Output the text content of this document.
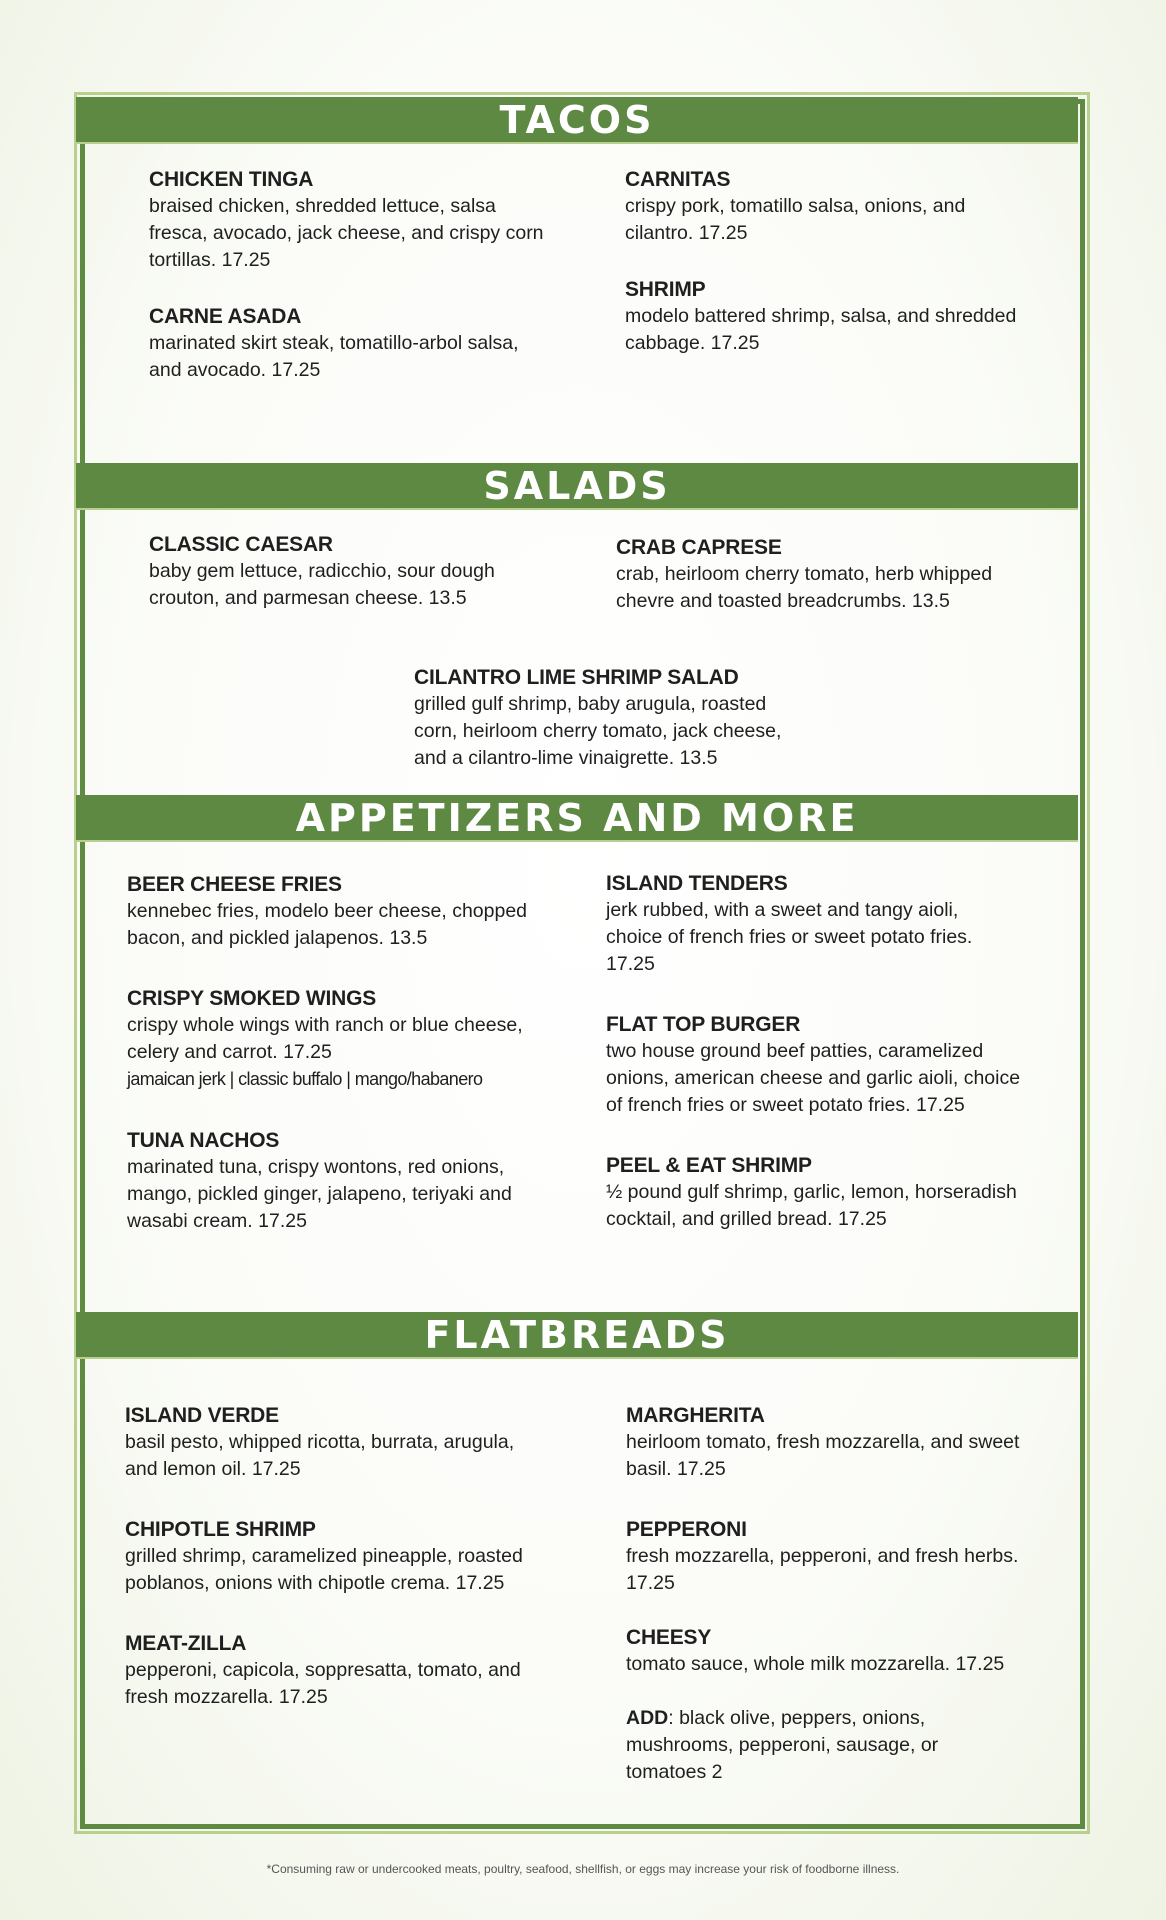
TACOS
CHICKEN TINGA
braised chicken, shredded lettuce, salsa fresca, avocado, jack cheese, and crispy corn tortillas. 17.25
CARNITAS
crispy pork, tomatillo salsa, onions, and cilantro. 17.25
CARNE ASADA
marinated skirt steak, tomatillo-arbol salsa, and avocado. 17.25
SHRIMP
modelo battered shrimp, salsa, and shredded cabbage. 17.25
SALADS
CLASSIC CAESAR
baby gem lettuce, radicchio, sour dough crouton, and parmesan cheese. 13.5
CRAB CAPRESE
crab, heirloom cherry tomato, herb whipped chevre and toasted breadcrumbs. 13.5
CILANTRO LIME SHRIMP SALAD
grilled gulf shrimp, baby arugula, roasted corn, heirloom cherry tomato, jack cheese, and a cilantro-lime vinaigrette. 13.5
APPETIZERS AND MORE
BEER CHEESE FRIES
kennebec fries, modelo beer cheese, chopped bacon, and pickled jalapenos. 13.5
ISLAND TENDERS
jerk rubbed, with a sweet and tangy aioli, choice of french fries or sweet potato fries. 17.25
CRISPY SMOKED WINGS
crispy whole wings with ranch or blue cheese, celery and carrot. 17.25
jamaican jerk | classic buffalo | mango/habanero
FLAT TOP BURGER
two house ground beef patties, caramelized onions, american cheese and garlic aioli, choice of french fries or sweet potato fries. 17.25
TUNA NACHOS
marinated tuna, crispy wontons, red onions, mango, pickled ginger, jalapeno, teriyaki and wasabi cream. 17.25
PEEL & EAT SHRIMP
½ pound gulf shrimp, garlic, lemon, horseradish cocktail, and grilled bread. 17.25
FLATBREADS
ISLAND VERDE
basil pesto, whipped ricotta, burrata, arugula, and lemon oil. 17.25
MARGHERITA
heirloom tomato, fresh mozzarella, and sweet basil. 17.25
CHIPOTLE SHRIMP
grilled shrimp, caramelized pineapple, roasted poblanos, onions with chipotle crema. 17.25
PEPPERONI
fresh mozzarella, pepperoni, and fresh herbs. 17.25
MEAT-ZILLA
pepperoni, capicola, soppresatta, tomato, and fresh mozzarella. 17.25
CHEESY
tomato sauce, whole milk mozzarella. 17.25
ADD: black olive, peppers, onions, mushrooms, pepperoni, sausage, or tomatoes 2
*Consuming raw or undercooked meats, poultry, seafood, shellfish, or eggs may increase your risk of foodborne illness.
